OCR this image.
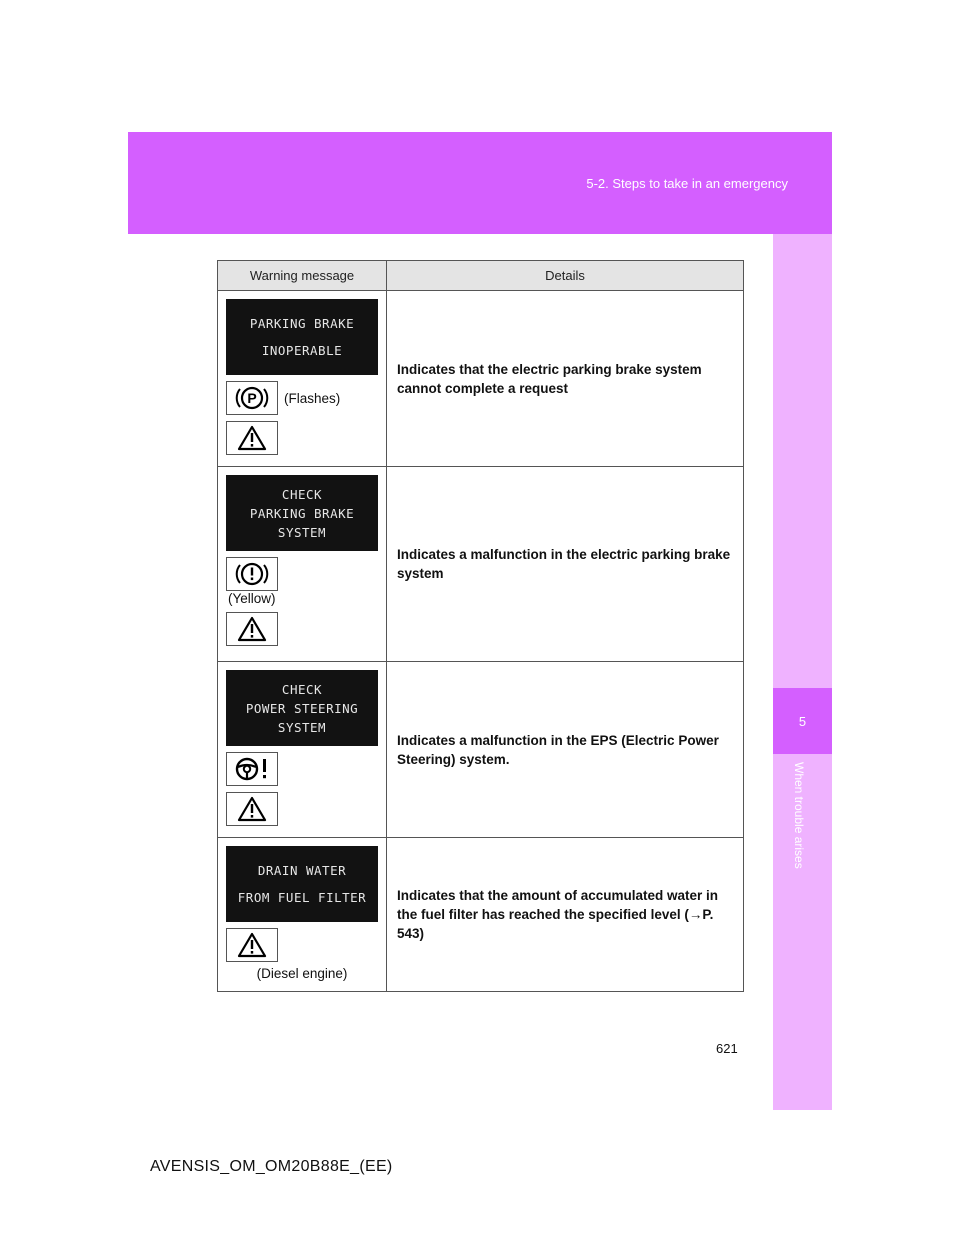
5-2. Steps to take in an emergency
5
When trouble arises
Warning message	Details

PARKING BRAKE
INOPERABLE
P (Flashes)	Indicates that the electric parking brake system cannot complete a request

CHECK
PARKING BRAKE
SYSTEM
(Yellow)	Indicates a malfunction in the electric parking brake system

CHECK
POWER STEERING
SYSTEM	Indicates a malfunction in the EPS (Electric Power Steering) system.

DRAIN WATER
FROM FUEL FILTER
(Diesel engine)	Indicates that the amount of accumulated water in the fuel filter has reached the specified level (→P. 543)
621
AVENSIS_OM_OM20B88E_(EE)
